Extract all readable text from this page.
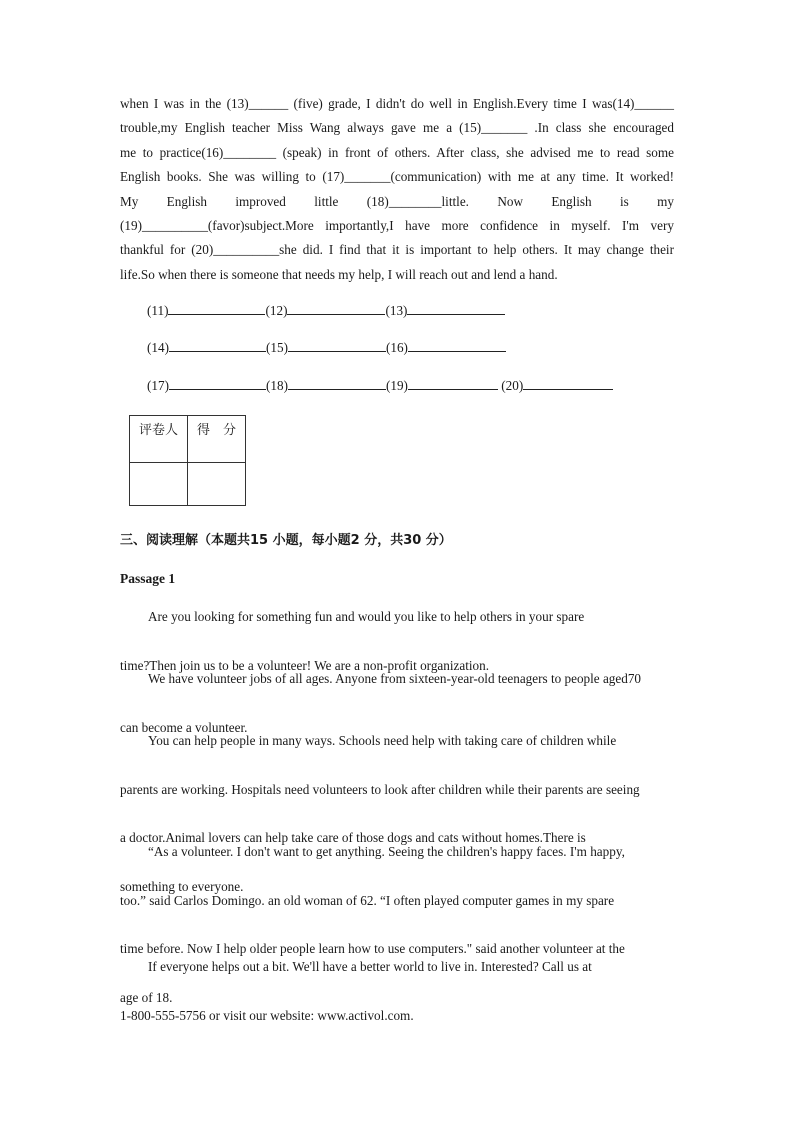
when I was in the (13)______ (five) grade, I didn't do well in English.Every time I was(14)______
trouble,my English teacher Miss Wang always gave me a (15)_______ .In class she encouraged
me to practice(16)________ (speak) in front of others. After class, she advised me to read some
English books. She was willing to (17)_______(communication) with me at any time. It worked!
My English improved little (18)________little. Now English is my
(19)__________(favor)subject.More importantly,I have more confidence in myself. I'm very
thankful for (20)__________she did. I find that it is important to help others. It may change their
life.So when there is someone that needs my help, I will reach out and lend a hand.
(11)	(12)	(13)
(14)	(15)	(16)
(17)	(18)	(19)	(20)
评卷人	得　分

三、阅读理解（本题共15 小题，每小题2 分，共30 分）
Passage 1
Are you looking for something fun and would you like to help others in your spare

time?Then join us to be a volunteer! We are a non-profit organization.
We have volunteer jobs of all ages. Anyone from sixteen-year-old teenagers to people aged70

can become a volunteer.
You can help people in many ways. Schools need help with taking care of children while

parents are working. Hospitals need volunteers to look after children while their parents are seeing

a doctor.Animal lovers can help take care of those dogs and cats without homes.There is

something to everyone.
“As a volunteer. I don't want to get anything. Seeing the children's happy faces. I'm happy,

too.” said Carlos Domingo. an old woman of 62. “I often played computer games in my spare

time before. Now I help older people learn how to use computers." said another volunteer at the

age of 18.
If everyone helps out a bit. We'll have a better world to live in. Interested? Call us at

1-800-555-5756 or visit our website: www.activol.com.
